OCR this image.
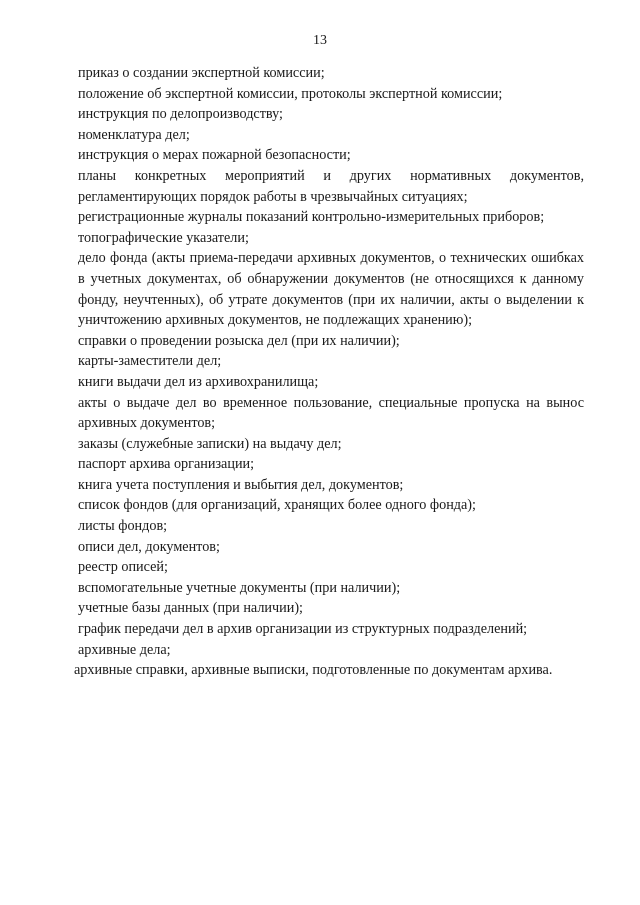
13
приказ о создании экспертной комиссии;
положение об экспертной комиссии, протоколы экспертной комиссии;
инструкция по делопроизводству;
номенклатура дел;
инструкция о мерах пожарной безопасности;
планы конкретных мероприятий и других нормативных документов, регламентирующих порядок работы в чрезвычайных ситуациях;
регистрационные журналы показаний контрольно-измерительных приборов;
топографические указатели;
дело фонда (акты приема-передачи архивных документов, о технических ошибках в учетных документах, об обнаружении документов (не относящихся к данному фонду, неучтенных), об утрате документов (при их наличии, акты о выделении к уничтожению архивных документов, не подлежащих хранению);
справки о проведении розыска дел (при их наличии);
карты-заместители дел;
книги выдачи дел из архивохранилища;
акты о выдаче дел во временное пользование, специальные пропуска на вынос архивных документов;
заказы (служебные записки) на выдачу дел;
паспорт архива организации;
книга учета поступления и выбытия дел, документов;
список фондов (для организаций, хранящих более одного фонда);
листы фондов;
описи дел, документов;
реестр описей;
вспомогательные учетные документы (при наличии);
учетные базы данных (при наличии);
график передачи дел в архив организации из структурных подразделений;
архивные дела;
архивные справки, архивные выписки, подготовленные по документам архива.
